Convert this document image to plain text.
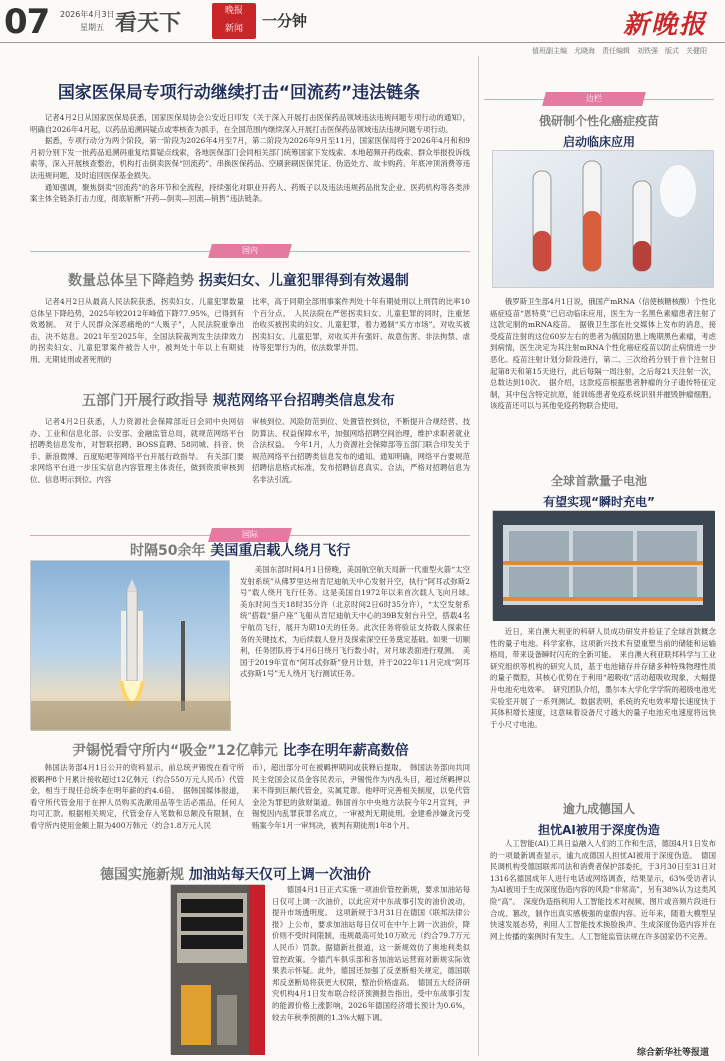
07 2026年4月3日
星期五 看天下	晚报
新闻	一分钟	新晚报
值班副主编　尤晓海　责任编辑　刘铁强　版式　关健阳
国家医保局专项行动继续打击“回流药”违法链条

记者4月2日从国家医保局获悉，国家医保局协会公安近日印发《关于深入开展打击医保药品领域违法违规问题专项行动的通知》，明确自2026年4月起，以药品追溯码疑点或零核查为抓手，在全国范围内继续深入开展打击医保药品领域违法违规问题专项行动。

据悉，专项行动分为两个阶段，第一阶段为2026年4月至7月，第二阶段为2026年9月至11月，国家医保局将于2026年4月和和9月初分别下发一批药品追溯码重复结算疑点线索，各地医保部门会同相关部门统筹国家下发线索、本地超频开药线索、群众举报投诉线索等，深入开展核查整治，机构打击倒卖医保“回流药”、串换医保药品、空刷套刷医保凭证、伪造处方、故卡购药、年底冲顶消费等违法违规问题，及时追回医保基金损失。

通知强调，聚焦倒卖“回流药”的各环节和全流程，持续强化对职业开药人、药贩子以及违法违规药品批发企业、医药机构等各类涉案主体全链条打击力度，彻底斩断“开药—倒卖—回流—销售”违法链条。

国内
数量总体呈下降趋势 拐卖妇女、儿童犯罪得到有效遏制
记者4月2日从最高人民法院获悉，拐卖妇女、儿童犯罪数量总体呈下降趋势，2025年较2012年峰值下降77.95%，已得到有效遏制。　对于人民群众深恶痛绝的“人贩子”，人民法院重拳出击，决不姑息。2021年至2025年，全国法院裁判发生法律效力的拐卖妇女、儿童犯罪案件被告人中，被判处十年以上有期徒刑、无期徒刑或者死刑的
比率，高于同期全部刑事案件判处十年有期徒刑以上刑罚的比率10个百分点。　人民法院在严惩拐卖妇女、儿童犯罪的同时，注重惩治收买被拐卖的妇女、儿童犯罪，着力遏制“买方市场”。对收买被拐卖妇女、儿童犯罪，对收买并有强奸、故意伤害、非法拘禁、虐待等犯罪行为的，依法数罪并罚。
五部门开展行政指导 规范网络平台招聘类信息发布
记者4月2日获悉，人力资源社会保障部近日会同中央网信办、工业和信息化部、公安部、金融监管总局，就规范网络平台招聘类信息发布，对智联招聘、BOSS直聘、58同城、抖音、快手、新浪微博、百度贴吧等网络平台开展行政指导。　有关部门要求网络平台进一步压实信息内容管理主体责任，做到资质审核到位、信息明示到位、内容
审核到位、风险防范到位、处置管控到位，不断提升合规经营、技防算法、权益保障水平，加强网络招聘空间治理，维护求职者就业合法权益。　今年1月，人力资源社会保障部等五部门联合印发关于规范网络平台招聘类信息发布的通知。通知明确，网络平台要规范招聘信息格式标准，发布招聘信息真实、合法，严格对招聘信息为名非法引流。
国际
时隔50余年 美国重启载人绕月飞行
美国东部时间4月1日傍晚，美国航空航天局新一代重型火箭“太空发射系统”从佛罗里达州肯尼迪航天中心发射升空，执行“阿耳忒弥斯2号”载人绕月飞行任务。这是美国自1972年以来首次载人飞向月球。　美东时间当天18时35分许（北京时间2日6时35分许），“太空发射系统”搭载“猎户座”飞船从肯尼迪航天中心的39B发射台升空，搭载4名宇航员飞行，展开为期10天的任务。此次任务将验证支持载人探索任务的关键技术，为后续载人登月及探索深空任务奠定基础。如果一切顺利，任务团队将于4月6日绕月飞行数小时，对月球表面进行观测。　美国于2019年宣布“阿耳忒弥斯”登月计划，并于2022年11月完成“阿耳忒弥斯1号”无人绕月飞行测试任务。
尹锡悦看守所内“吸金”12亿韩元 比李在明年薪高数倍
韩国法务部4月1日公开的资料显示，前总统尹锡悦在看守所被羁押8个月累计接收超过12亿韩元（约合550万元人民币）代管金，相当于现任总统李在明年薪的约4.6倍。　据韩国媒体报道，看守所代管金用于在押人员购买洗漱用品等生活必需品，任何人均可汇款。根据相关规定，代管金存入笔数和总额没有限制，在看守所内使用金额上限为400万韩元（约合1.8万元人民
币），超出部分可在被羁押期间或获释后提取。　韩国法务部向共同民主党国会议员金容民表示，尹锡悦作为内乱头目，超过所羁押以来不得到巨额代管金，实属荒谬。他呼吁完善相关制度，以免代管金沦为罪犯的敛财渠道。韩国首尔中央地方法院今年2月宣判，尹锡悦因内乱罪获罪名成立，一审被判无期徒刑。金建希涉嫌贪污受贿案今年1月一审判决，被判有期徒刑1年8个月。
德国实施新规 加油站每天仅可上调一次油价
德国4月1日正式实施一项油价管控新规，要求加油站每日仅可上调一次油价，以此应对中东战事引发的油价波动，提升市场透明度。　这项新规于3月31日在德国《联邦法律公报》上公布，要求加油站每日仅可在中午上调一次油价，降价则不受时间限制，违规最高可处10万欧元（约合79.7万元人民币）罚款。据德新社报道，这一新规效仿了奥地利类似管控政策。令德汽车俱乐部和各加油站运营商对新规实际效果表示怀疑。此外，德国还加强了反垄断相关规定，德国联邦反垄断局将获更大权限，整治价格虚高。　德国五大经济研究机构4月1日发布联合经济预测报告指出，受中东战事引发的能源价格上涨影响，2026年德国经济增长预计为0.6%，较去年秋季预测的1.3%大幅下调。
边栏
俄研制个性化癌症疫苗
启动临床应用
俄罗斯卫生部4月1日说，俄国产mRNA（信使核糖核酸）个性化癌症疫苗“恩特莫”已启动临床应用，医生为一名黑色素瘤患者注射了这款定制的mRNA疫苗。　据俄卫生部在社交媒体上发布的消息，接受疫苗注射的这位60岁左右的患者为俄国防患上晚期黑色素瘤，考虑到病情，医生决定为其注射mRNA个性化癌症疫苗以防止病情进一步恶化。疫苗注射计划分阶段进行，第二、三次给药分别于首个注射日起第8天和第15天进行，此后每隔一周注射，之后每21天注射一次，总数达到10次。　据介绍，这款疫苗根据患者肿瘤的分子遗传特征定制，其中包含特定抗原，能训练患者免疫系统识别并摧毁肿瘤细胞。该疫苗还可以与其他免疫药物联合使用。
全球首款量子电池
有望实现“瞬时充电”
近日，来自澳大利亚的科研人员成功研发并验证了全球首款概念性的量子电池。科学家称，这项新兴技术有望重塑当前的储能和运输格局，带来设备瞬时闪充的全新可能。　来自澳大利亚联邦科学与工业研究组织等机构的研究人员，基于电池储存并存储多种特殊物理性质的量子微腔，其核心优势在于利用“超吸收”活动超吸收现象，大幅提升电池充电效率。　研究团队介绍，墨尔本大学化学学院的超级电池光实验室开展了一系列测试。数据表明，系统的充电效率增长速度快于其体积增长速度，这意味着设备尺寸越大的量子电池充电速度将远快于小尺寸电池。
逾九成德国人
担忧AI被用于深度伪造
人工智能(AI)工具日益融入人们的工作和生活，德国4月1日发布的一项最新调查显示，逾九成德国人担忧AI被用于深度伪造。　德国民调机构受德国联邦司法和消费者保护部委托，于3月30日至31日对1316名德国成年人进行电话或网络调查，结果显示，63%受访者认为AI被用于生成深度伪造内容的风险“非常高”，另有38%认为这类风险“高”。　深度伪造指利用人工智能技术对视频、图片或音频片段进行合成、篡改，制作出真实感极强的虚假内容。近年来，随着大模型呈快速发展态势，利用人工智能技术换脸换声、生成深度伪造内容并在网上传播的案例时有发生。人工智能监管法规在许多国家仍不完善。
综合新华社等报道
